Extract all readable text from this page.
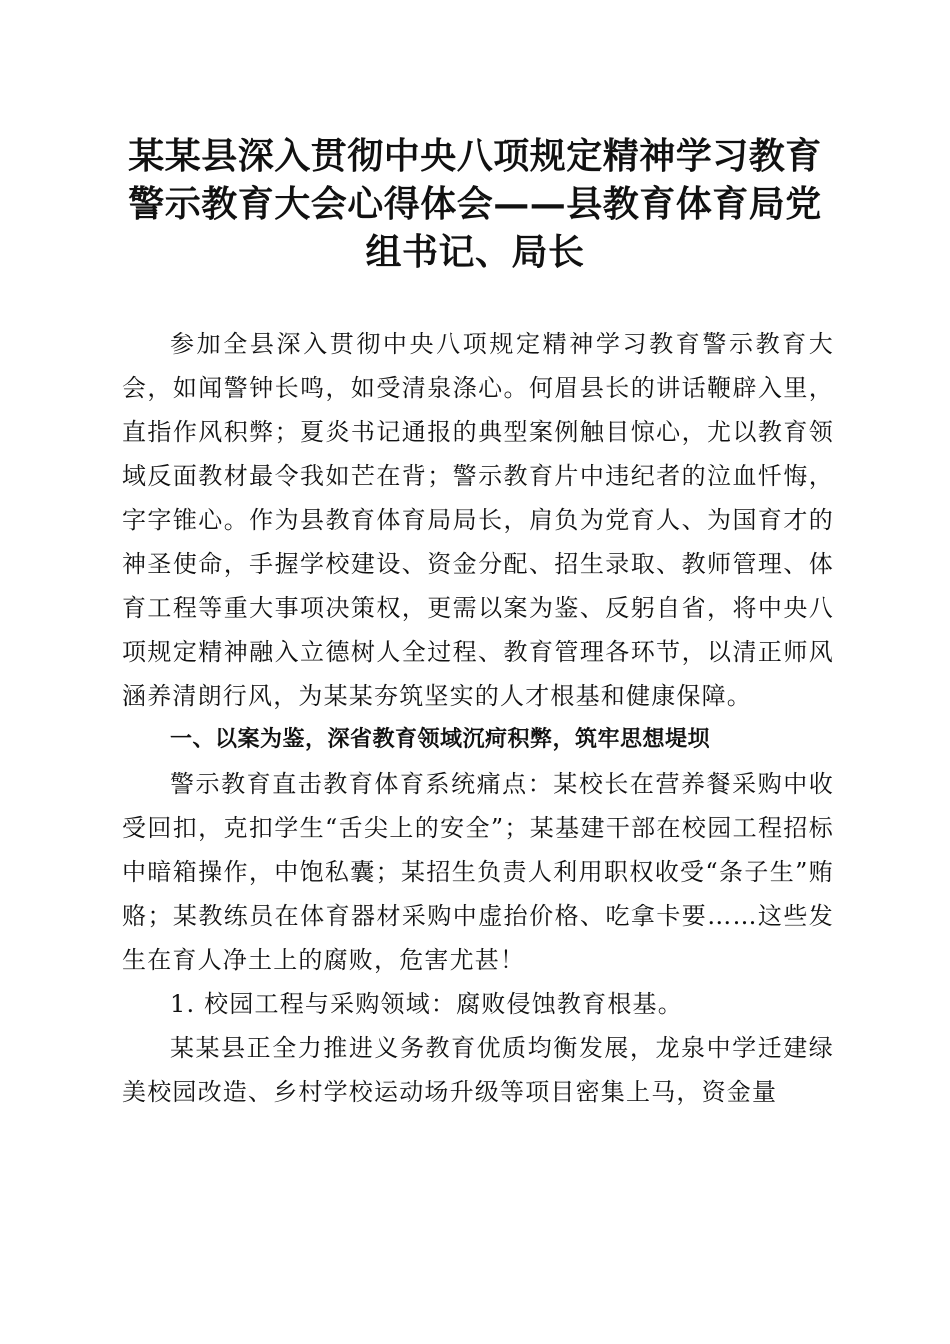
某某县深入贯彻中央八项规定精神学习教育警示教育大会心得体会——县教育体育局党组书记、局长

参加全县深入贯彻中央八项规定精神学习教育警示教育大会，如闻警钟长鸣，如受清泉涤心。何眉县长的讲话鞭辟入里，直指作风积弊；夏炎书记通报的典型案例触目惊心，尤以教育领域反面教材最令我如芒在背；警示教育片中违纪者的泣血忏悔，字字锥心。作为县教育体育局局长，肩负为党育人、为国育才的神圣使命，手握学校建设、资金分配、招生录取、教师管理、体育工程等重大事项决策权，更需以案为鉴、反躬自省，将中央八项规定精神融入立德树人全过程、教育管理各环节，以清正师风涵养清朗行风，为某某夯筑坚实的人才根基和健康保障。

一、以案为鉴，深省教育领域沉疴积弊，筑牢思想堤坝

警示教育直击教育体育系统痛点：某校长在营养餐采购中收受回扣，克扣学生“舌尖上的安全”；某基建干部在校园工程招标中暗箱操作，中饱私囊；某招生负责人利用职权收受“条子生”贿赂；某教练员在体育器材采购中虚抬价格、吃拿卡要……这些发生在育人净土上的腐败，危害尤甚！

1. 校园工程与采购领域：腐败侵蚀教育根基。

某某县正全力推进义务教育优质均衡发展，龙泉中学迁建绿美校园改造、乡村学校运动场升级等项目密集上马，资金量
